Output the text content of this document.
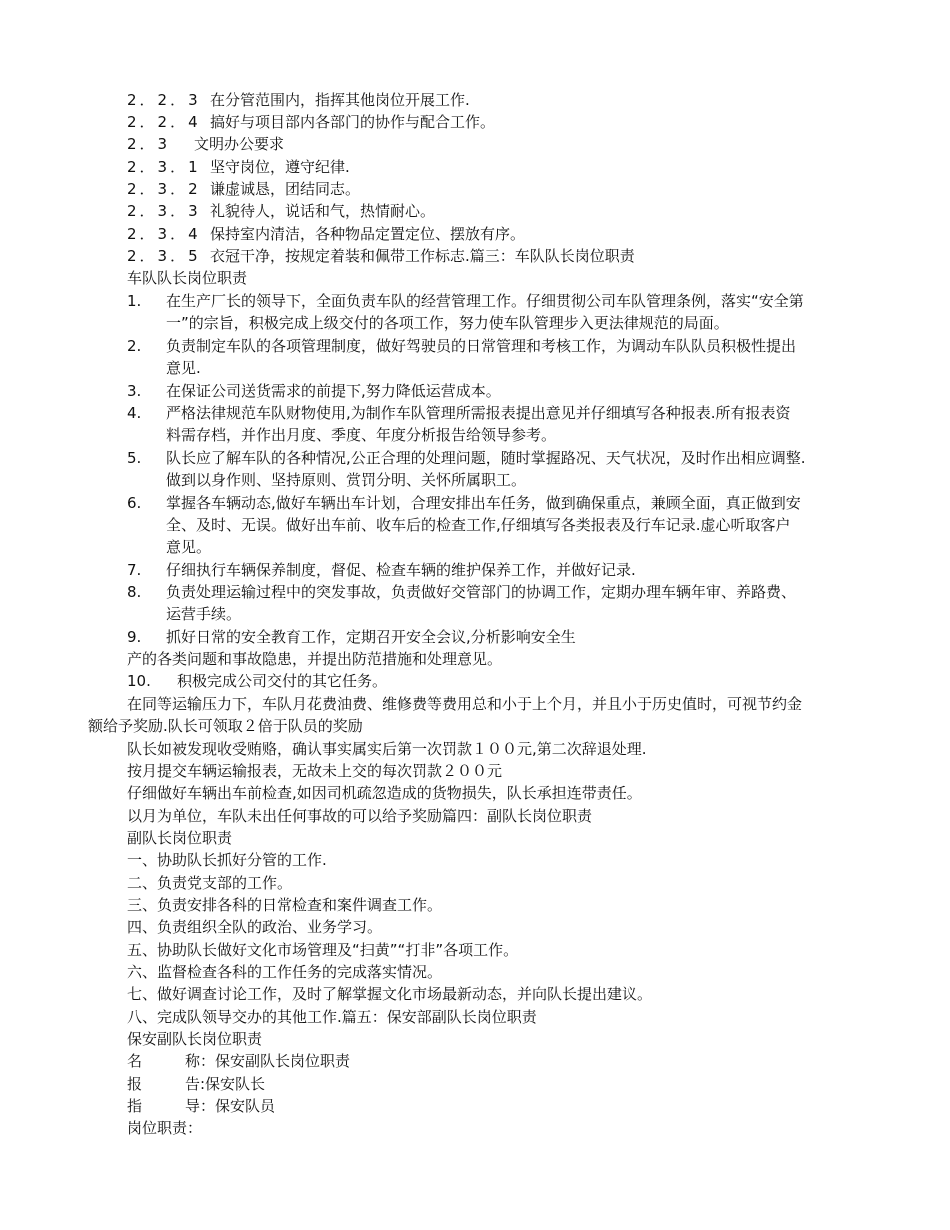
2．2．3 在分管范围内，指挥其他岗位开展工作.
2．2．4 搞好与项目部内各部门的协作与配合工作。
2．3 文明办公要求
2．3．1 坚守岗位，遵守纪律.
2．3．2 谦虚诚恳，团结同志。
2．3．3 礼貌待人，说话和气，热情耐心。
2．3．4 保持室内清洁，各种物品定置定位、摆放有序。
2．3．5 衣冠干净，按规定着装和佩带工作标志.篇三：车队队长岗位职责
车队队长岗位职责
1. 在生产厂长的领导下，全面负责车队的经营管理工作。仔细贯彻公司车队管理条例，落实“安全第
一”的宗旨，积极完成上级交付的各项工作，努力使车队管理步入更法律规范的局面。
2. 负责制定车队的各项管理制度，做好驾驶员的日常管理和考核工作，为调动车队队员积极性提出
意见.
3. 在保证公司送货需求的前提下,努力降低运营成本。
4. 严格法律规范车队财物使用,为制作车队管理所需报表提出意见并仔细填写各种报表.所有报表资
料需存档，并作出月度、季度、年度分析报告给领导参考。
5. 队长应了解车队的各种情况,公正合理的处理问题，随时掌握路况、天气状况，及时作出相应调整.
做到以身作则、坚持原则、赏罚分明、关怀所属职工。
6. 掌握各车辆动态,做好车辆出车计划，合理安排出车任务，做到确保重点，兼顾全面，真正做到安
全、及时、无误。做好出车前、收车后的检查工作,仔细填写各类报表及行车记录.虚心听取客户
意见。
7. 仔细执行车辆保养制度，督促、检查车辆的维护保养工作，并做好记录.
8. 负责处理运输过程中的突发事故，负责做好交管部门的协调工作，定期办理车辆年审、养路费、
运营手续。
9. 抓好日常的安全教育工作，定期召开安全会议,分析影响安全生
产的各类问题和事故隐患，并提出防范措施和处理意见。
10. 积极完成公司交付的其它任务。
在同等运输压力下，车队月花费油费、维修费等费用总和小于上个月，并且小于历史值时，可视节约金
额给予奖励.队长可领取２倍于队员的奖励
队长如被发现收受贿赂，确认事实属实后第一次罚款１００元,第二次辞退处理.
按月提交车辆运输报表，无故未上交的每次罚款２００元
仔细做好车辆出车前检查,如因司机疏忽造成的货物损失，队长承担连带责任。
以月为单位，车队未出任何事故的可以给予奖励篇四：副队长岗位职责
副队长岗位职责
一、协助队长抓好分管的工作.
二、负责党支部的工作。
三、负责安排各科的日常检查和案件调查工作。
四、负责组织全队的政治、业务学习。
五、协助队长做好文化市场管理及“扫黄”“打非”各项工作。
六、监督检查各科的工作任务的完成落实情况。
七、做好调查讨论工作，及时了解掌握文化市场最新动态，并向队长提出建议。
八、完成队领导交办的其他工作.篇五：保安部副队长岗位职责
保安副队长岗位职责
名	称：保安副队长岗位职责
报	告:保安队长
指	导：保安队员
岗位职责：
